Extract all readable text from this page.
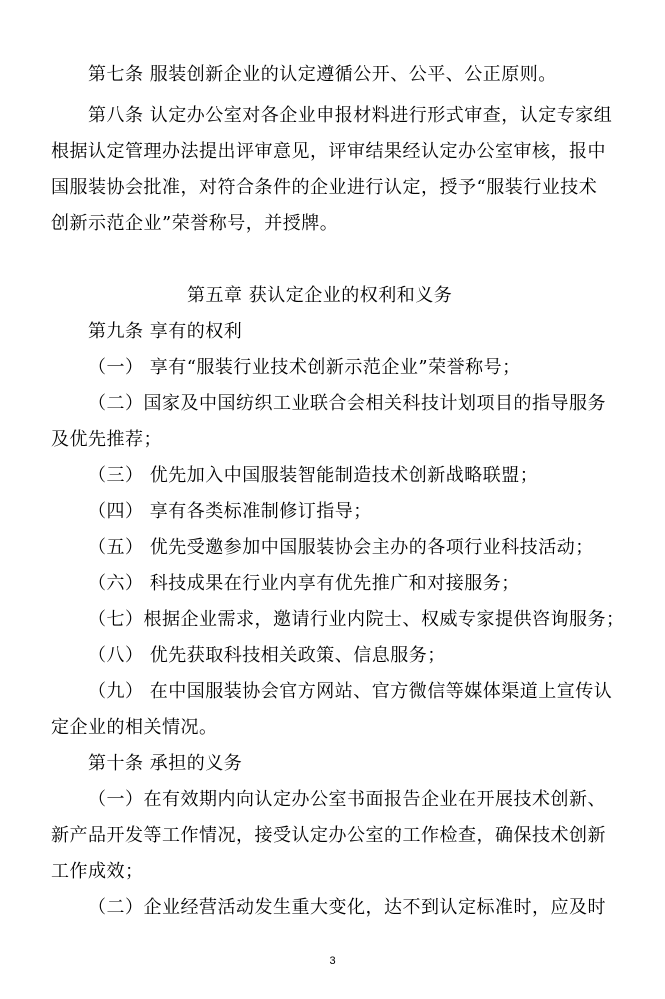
第七条 服装创新企业的认定遵循公开、公平、公正原则。
第八条 认定办公室对各企业申报材料进行形式审查，认定专家组
根据认定管理办法提出评审意见，评审结果经认定办公室审核，报中
国服装协会批准，对符合条件的企业进行认定，授予“服装行业技术
创新示范企业”荣誉称号，并授牌。
第五章 获认定企业的权利和义务
第九条 享有的权利
（一） 享有“服装行业技术创新示范企业”荣誉称号；
（二）国家及中国纺织工业联合会相关科技计划项目的指导服务
及优先推荐；
（三） 优先加入中国服装智能制造技术创新战略联盟；
（四） 享有各类标准制修订指导；
（五） 优先受邀参加中国服装协会主办的各项行业科技活动；
（六） 科技成果在行业内享有优先推广和对接服务；
（七）根据企业需求，邀请行业内院士、权威专家提供咨询服务；
（八） 优先获取科技相关政策、信息服务；
（九） 在中国服装协会官方网站、官方微信等媒体渠道上宣传认
定企业的相关情况。
第十条 承担的义务
（一）在有效期内向认定办公室书面报告企业在开展技术创新、
新产品开发等工作情况，接受认定办公室的工作检查，确保技术创新
工作成效；
（二）企业经营活动发生重大变化，达不到认定标准时，应及时
3
